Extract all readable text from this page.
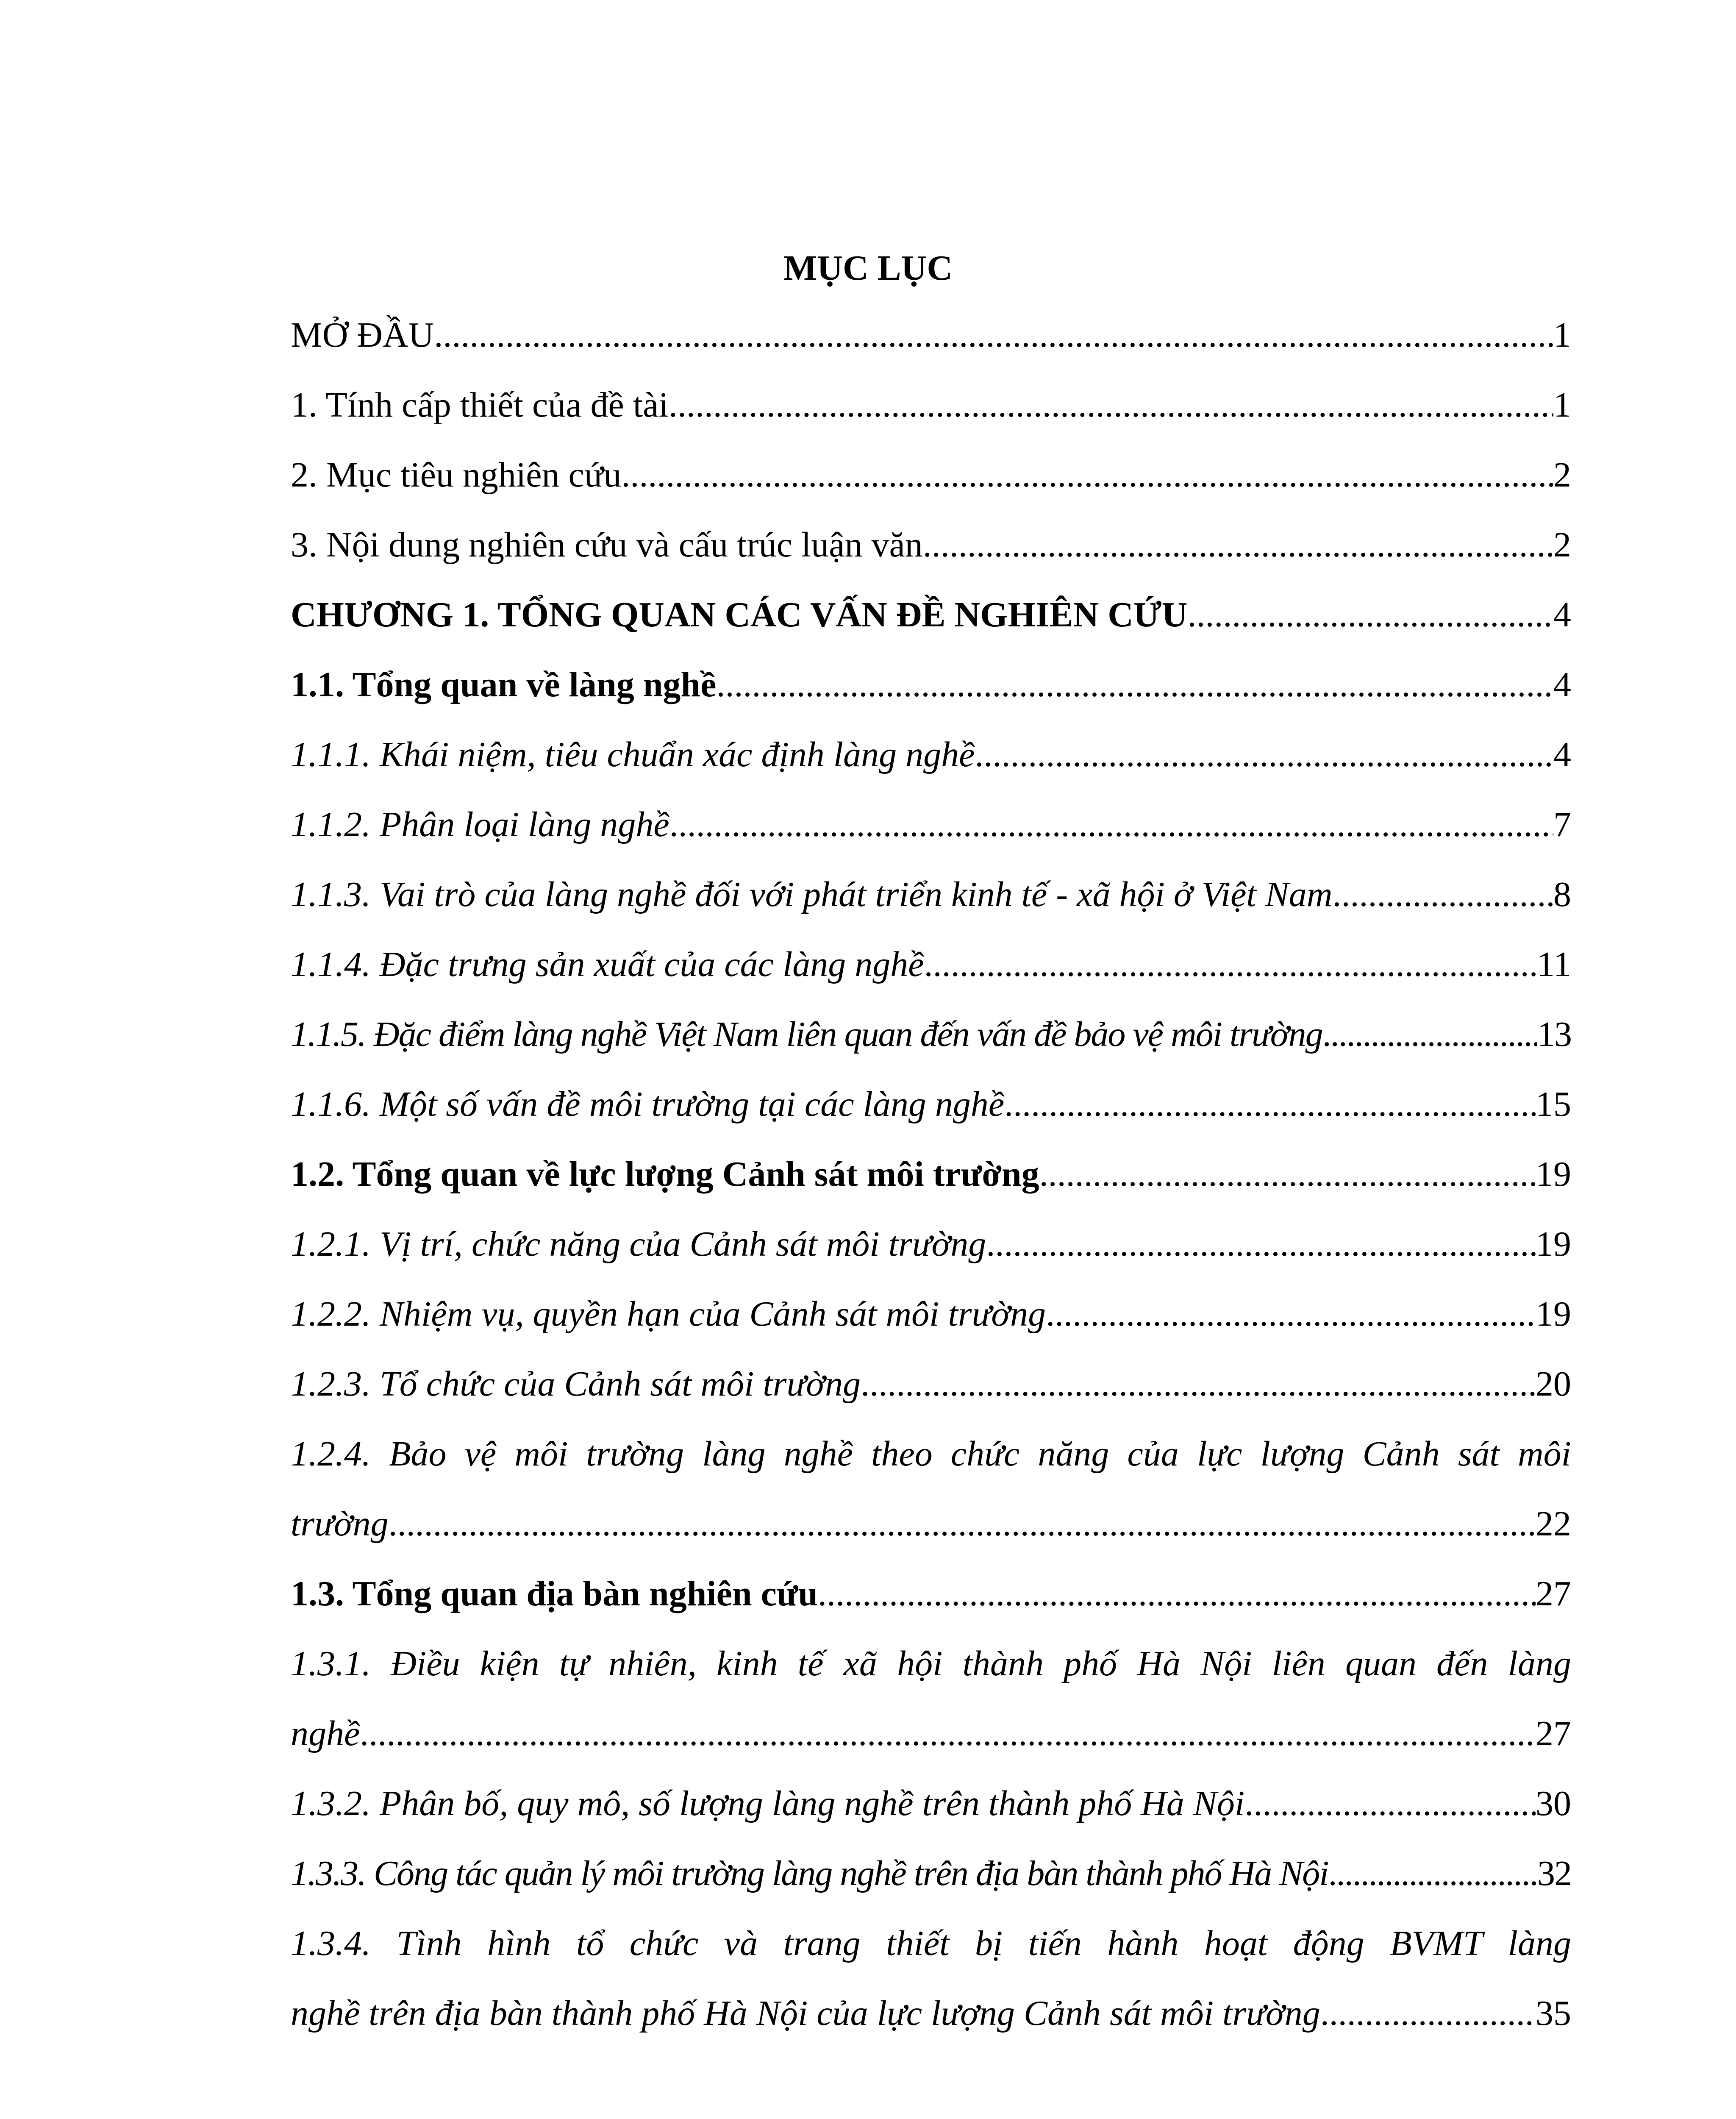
MỤC LỤC
MỞ ĐẦU .....	1
1. Tính cấp thiết của đề tài .....	1
2. Mục tiêu nghiên cứu .....	2
3. Nội dung nghiên cứu và cấu trúc luận văn .....	2
CHƯƠNG 1. TỔNG QUAN CÁC VẤN ĐỀ NGHIÊN CỨU .....	4
1.1. Tổng quan về làng nghề .....	4
1.1.1. Khái niệm, tiêu chuẩn xác định làng nghề .....	4
1.1.2. Phân loại làng nghề .....	7
1.1.3. Vai trò của làng nghề đối với phát triển kinh tế - xã hội ở Việt Nam .....	8
1.1.4. Đặc trưng sản xuất của các làng nghề .....	11
1.1.5. Đặc điểm làng nghề Việt Nam liên quan đến vấn đề bảo vệ môi trường .....	13
1.1.6. Một số vấn đề môi trường tại các làng nghề .....	15
1.2. Tổng quan về lực lượng Cảnh sát môi trường .....	19
1.2.1. Vị trí, chức năng của Cảnh sát môi trường .....	19
1.2.2. Nhiệm vụ, quyền hạn của Cảnh sát môi trường .....	19
1.2.3. Tổ chức của Cảnh sát môi trường .....	20
1.2.4. Bảo vệ môi trường làng nghề theo chức năng của lực lượng Cảnh sát môi
trường .....	22
1.3. Tổng quan địa bàn nghiên cứu .....	27
1.3.1. Điều kiện tự nhiên, kinh tế xã hội thành phố Hà Nội liên quan đến làng
nghề .....	27
1.3.2. Phân bố, quy mô, số lượng làng nghề trên thành phố Hà Nội .....	30
1.3.3. Công tác quản lý môi trường làng nghề trên địa bàn thành phố Hà Nội .....	32
1.3.4. Tình hình tổ chức và trang thiết bị tiến hành hoạt động BVMT làng
nghề trên địa bàn thành phố Hà Nội của lực lượng Cảnh sát môi trường .....	35
